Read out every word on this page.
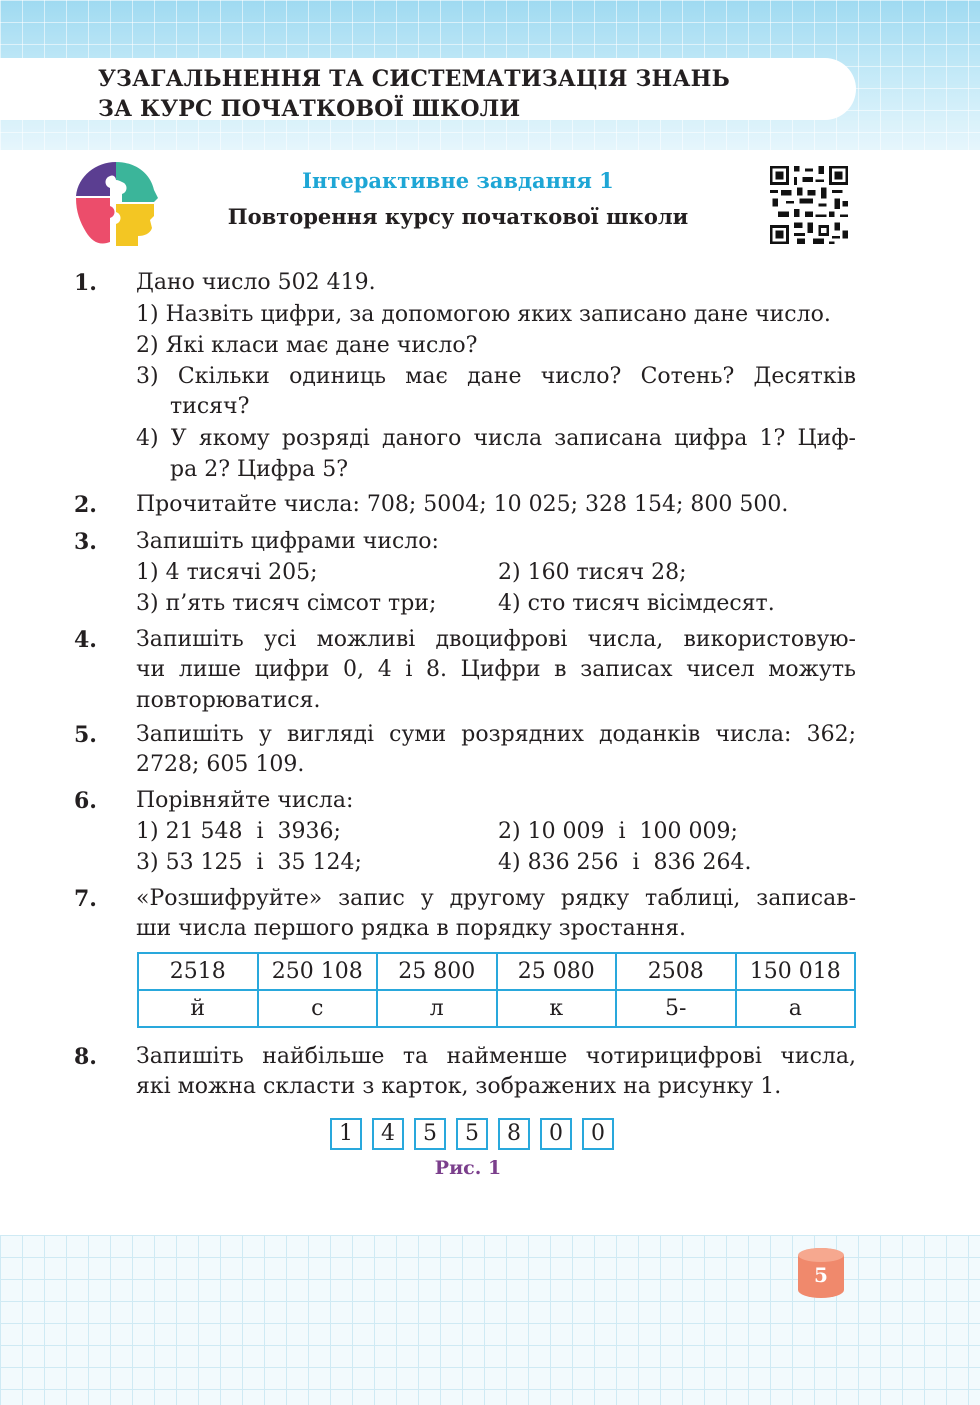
УЗАГАЛЬНЕННЯ ТА СИСТЕМАТИЗАЦІЯ ЗНАНЬ
ЗА КУРС ПОЧАТКОВОЇ ШКОЛИ
Інтерактивне завдання 1
Повторення курсу початкової школи
1. Дано число 502 419.
1) Назвіть цифри, за допомогою яких записано дане число.
2) Які класи має дане число?
3) Скільки одиниць має дане число? Сотень? Десятків
тисяч?
4) У якому розряді даного числа записана цифра 1? Циф-
ра 2? Цифра 5?
2. Прочитайте числа: 708; 5004; 10 025; 328 154; 800 500.
3. Запишіть цифрами число:
1) 4 тисячі 205;	2) 160 тисяч 28;
3) п’ять тисяч сімсот три;	4) сто тисяч вісімдесят.
4. Запишіть усі можливі двоцифрові числа, використовую-
чи лише цифри 0, 4 і 8. Цифри в записах чисел можуть
повторюватися.
5. Запишіть у вигляді суми розрядних доданків числа: 362;
2728; 605 109.
6. Порівняйте числа:
1) 21 548  і  3936;	2) 10 009  і  100 009;
3) 53 125  і  35 124;	4) 836 256  і  836 264.
7. «Розшифруйте» запис у другому рядку таблиці, записав-
ши числа першого рядка в порядку зростання.
2518	250 108	25 800	25 080	2508	150 018
й	с	л	к	5-	а
8. Запишіть найбільше та найменше чотирицифрові числа,
які можна скласти з карток, зображених на рисунку 1.
1	4	5	5	8	0	0
Рис. 1
5
